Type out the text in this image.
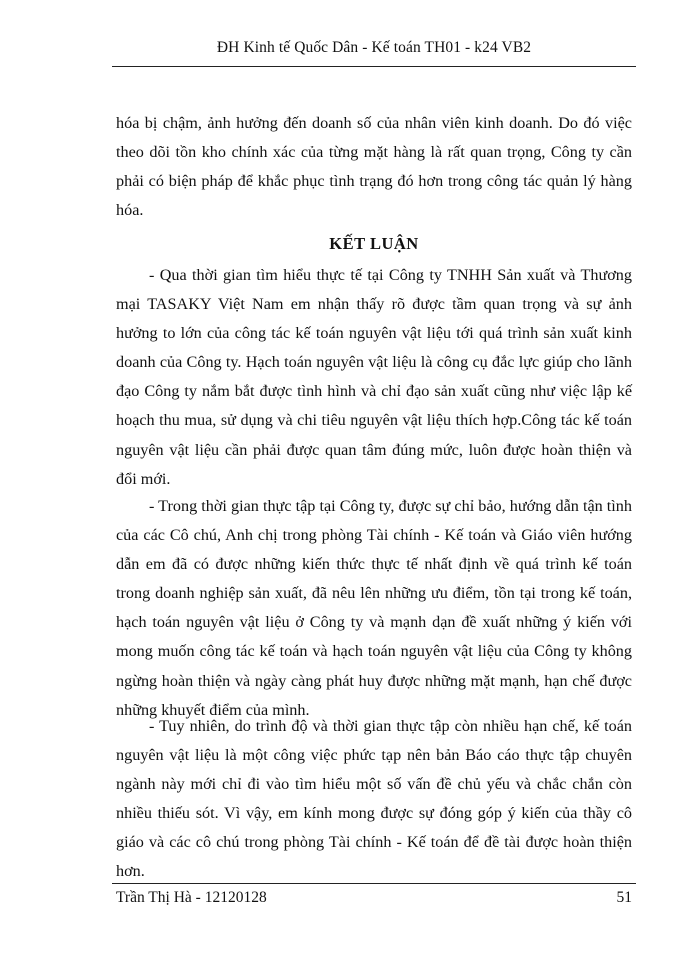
ĐH Kinh tế Quốc Dân - Kế toán TH01 - k24 VB2
hóa bị chậm, ảnh hưởng đến doanh số của nhân viên kinh doanh. Do đó việc theo dõi tồn kho chính xác của từng mặt hàng là rất quan trọng, Công ty cần phải có biện pháp để khắc phục tình trạng đó hơn trong công tác quản lý hàng hóa.
KẾT LUẬN
- Qua thời gian tìm hiểu thực tế tại Công ty TNHH Sản xuất và Thương mại TASAKY Việt Nam em nhận thấy rõ được tầm quan trọng và sự ảnh hưởng to lớn của công tác kế toán nguyên vật liệu tới quá trình sản xuất kinh doanh của Công ty. Hạch toán nguyên vật liệu là công cụ đắc lực giúp cho lãnh đạo Công ty nắm bắt được tình hình và chỉ đạo sản xuất cũng như việc lập kế hoạch thu mua, sử dụng và chi tiêu nguyên vật liệu thích hợp.Công tác kế toán nguyên vật liệu cần phải được quan tâm đúng mức, luôn được hoàn thiện và đổi mới.
- Trong thời gian thực tập tại Công ty, được sự chỉ bảo, hướng dẫn tận tình của các Cô chú, Anh chị trong phòng Tài chính - Kế toán và Giáo viên hướng dẫn em đã có được những kiến thức thực tế nhất định về quá trình kế toán trong doanh nghiệp sản xuất, đã nêu lên những ưu điểm, tồn tại trong kế toán, hạch toán nguyên vật liệu ở Công ty và mạnh dạn đề xuất những ý kiến với mong muốn công tác kế toán và hạch toán nguyên vật liệu của Công ty không ngừng hoàn thiện và ngày càng phát huy được những mặt mạnh, hạn chế được những khuyết điểm của mình.
- Tuy nhiên, do trình độ và thời gian thực tập còn nhiều hạn chế, kế toán nguyên vật liệu là một công việc phức tạp nên bản Báo cáo thực tập chuyên ngành này mới chỉ đi vào tìm hiểu một số vấn đề chủ yếu và chắc chắn còn nhiều thiếu sót. Vì vậy, em kính mong được sự đóng góp ý kiến của thầy cô giáo và các cô chú trong phòng Tài chính - Kế toán để đề tài được hoàn thiện hơn.
Trần Thị Hà - 12120128	51
